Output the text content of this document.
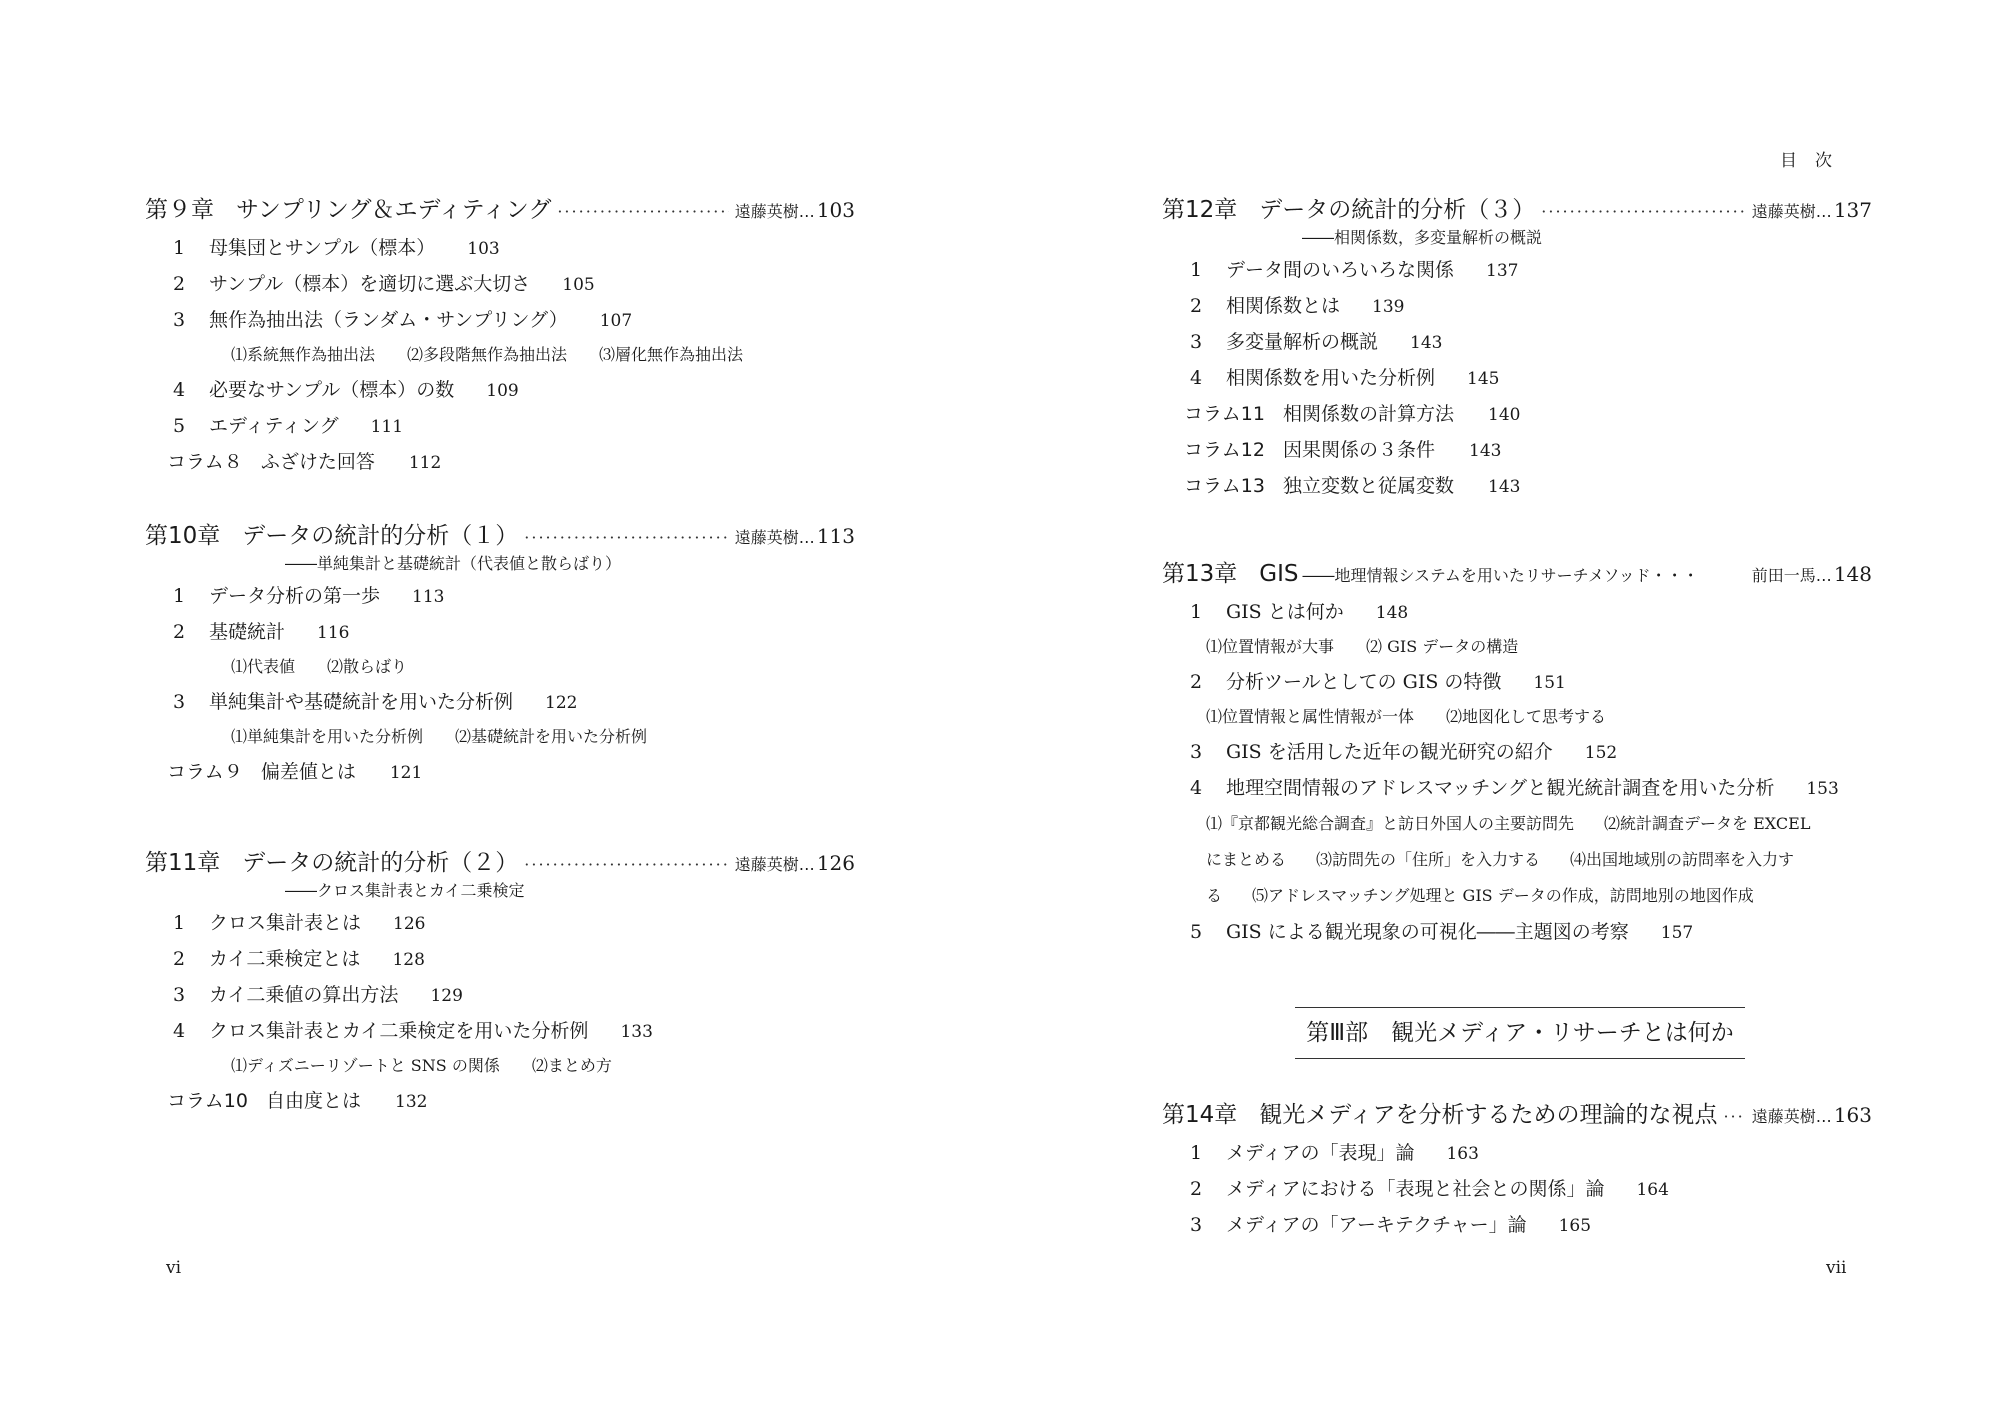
第９章 サンプリング＆エディティング ·····	遠藤英樹… 103
1	母集団とサンプル（標本） 103
2	サンプル（標本）を適切に選ぶ大切さ 105
3	無作為抽出法（ランダム・サンプリング） 107
⑴系統無作為抽出法 ⑵多段階無作為抽出法 ⑶層化無作為抽出法
4	必要なサンプル（標本）の数 109
5	エディティング 111
コラム８ ふざけた回答 112
第10章 データの統計的分析（１） ·····	遠藤英樹… 113
――単純集計と基礎統計（代表値と散らばり）
1	データ分析の第一歩 113
2	基礎統計 116
⑴代表値 ⑵散らばり
3	単純集計や基礎統計を用いた分析例 122
⑴単純集計を用いた分析例 ⑵基礎統計を用いた分析例
コラム９ 偏差値とは 121
第11章 データの統計的分析（２） ·····	遠藤英樹… 126
――クロス集計表とカイ二乗検定
1	クロス集計表とは 126
2	カイ二乗検定とは 128
3	カイ二乗値の算出方法 129
4	クロス集計表とカイ二乗検定を用いた分析例 133
⑴ディズニーリゾートと SNS の関係 ⑵まとめ方
コラム10 自由度とは 132
vi
目次
第12章 データの統計的分析（３） ·····	遠藤英樹… 137
――相関係数，多変量解析の概説
1	データ間のいろいろな関係 137
2	相関係数とは 139
3	多変量解析の概説 143
4	相関係数を用いた分析例 145
コラム11 相関係数の計算方法 140
コラム12 因果関係の３条件 143
コラム13 独立変数と従属変数 143
第13章 GIS ――地理情報システムを用いたリサーチメソッド・・・	前田一馬… 148
1	GIS とは何か 148
⑴位置情報が大事 ⑵ GIS データの構造
2	分析ツールとしての GIS の特徴 151
⑴位置情報と属性情報が一体 ⑵地図化して思考する
3	GIS を活用した近年の観光研究の紹介 152
4	地理空間情報のアドレスマッチングと観光統計調査を用いた分析 153
⑴『京都観光総合調査』と訪日外国人の主要訪問先 ⑵統計調査データを EXCEL にまとめる ⑶訪問先の「住所」を入力する ⑷出国地域別の訪問率を入力する ⑸アドレスマッチング処理と GIS データの作成，訪問地別の地図作成
5	GIS による観光現象の可視化――主題図の考察 157
第Ⅲ部　観光メディア・リサーチとは何か
第14章 観光メディアを分析するための理論的な視点 ····· 遠藤英樹… 163
1	メディアの「表現」論 163
2	メディアにおける「表現と社会との関係」論 164
3	メディアの「アーキテクチャー」論 165
vii
